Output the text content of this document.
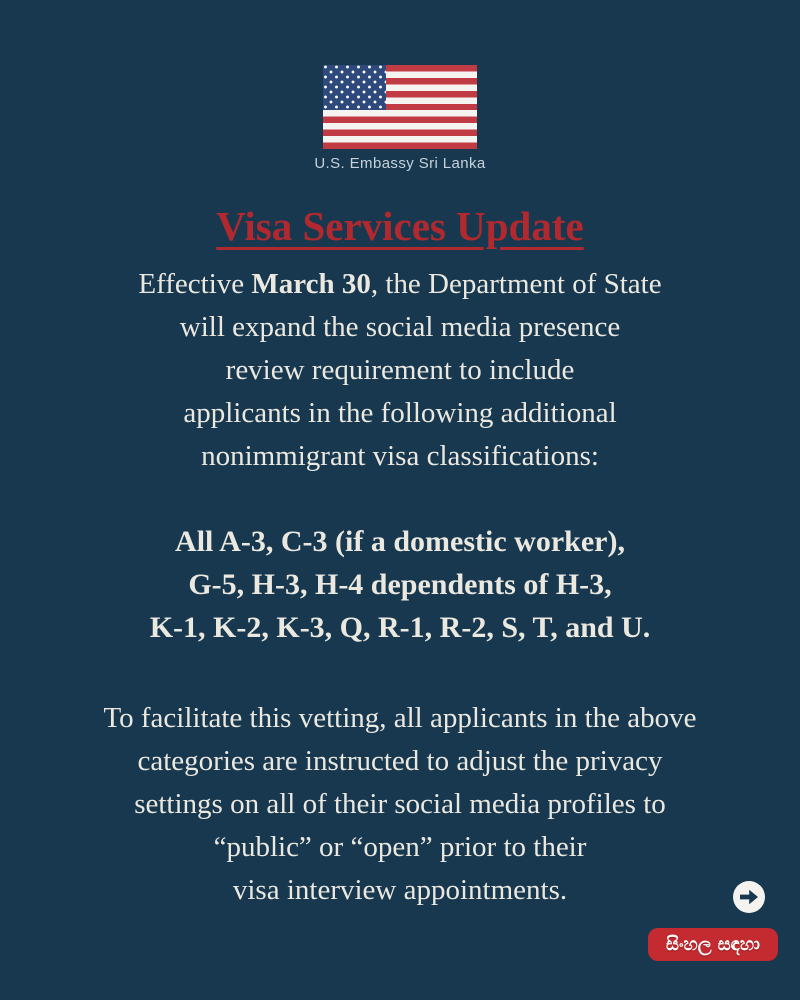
U.S. Embassy Sri Lanka
Visa Services Update
Effective March 30, the Department of State
will expand the social media presence
review requirement to include
applicants in the following additional
nonimmigrant visa classifications:
All A-3, C-3 (if a domestic worker),
G-5, H-3, H-4 dependents of H-3,
K-1, K-2, K-3, Q, R-1, R-2, S, T, and U.
To facilitate this vetting, all applicants in the above
categories are instructed to adjust the privacy
settings on all of their social media profiles to
“public” or “open” prior to their
visa interview appointments.
සිංහල සඳහා
